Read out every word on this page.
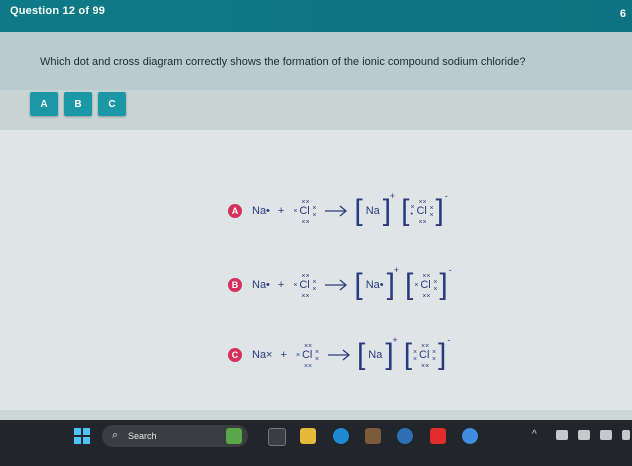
Question 12 of 99	6
Which dot and cross diagram correctly shows the formation of the ionic compound sodium chloride?
A	B	C
A	Na• +
××
× Cl ×
×
×× [ Na ]
+ [ ××
×
• Cl ×
×
×× ] -
B	Na• +
××
× Cl ×
×
×× [ Na• ]
+ [ ××
× Cl ×
×
×× ] -
C	Na× +
××
× Cl ×
×
×× [ Na ]
+ [ ××
×
× Cl ×
×
×× ] -
⌕ Search	^
